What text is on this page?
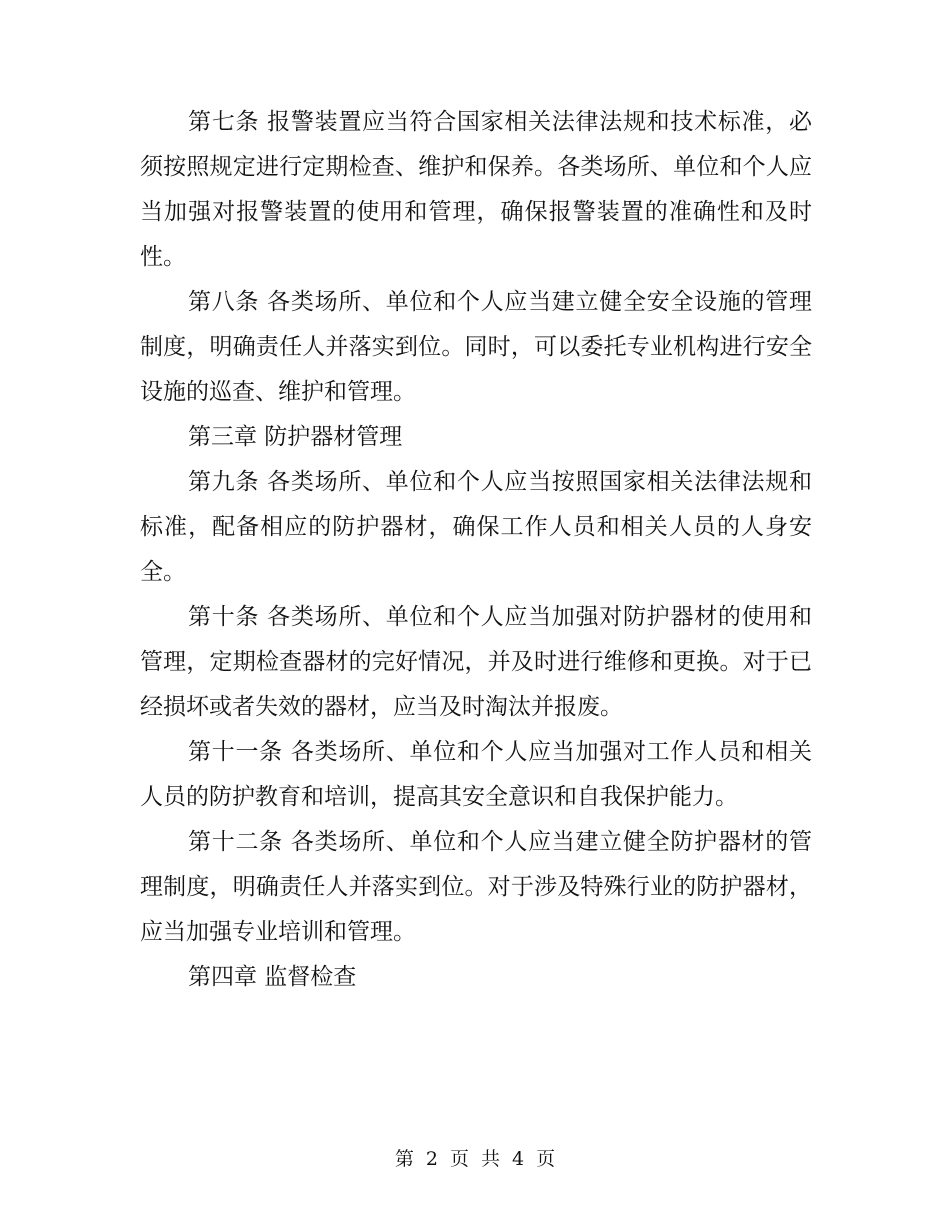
第七条 报警装置应当符合国家相关法律法规和技术标准，必须按照规定进行定期检查、维护和保养。各类场所、单位和个人应当加强对报警装置的使用和管理，确保报警装置的准确性和及时性。

第八条 各类场所、单位和个人应当建立健全安全设施的管理制度，明确责任人并落实到位。同时，可以委托专业机构进行安全设施的巡查、维护和管理。

第三章 防护器材管理

第九条 各类场所、单位和个人应当按照国家相关法律法规和标准，配备相应的防护器材，确保工作人员和相关人员的人身安全。

第十条 各类场所、单位和个人应当加强对防护器材的使用和管理，定期检查器材的完好情况，并及时进行维修和更换。对于已经损坏或者失效的器材，应当及时淘汰并报废。

第十一条 各类场所、单位和个人应当加强对工作人员和相关人员的防护教育和培训，提高其安全意识和自我保护能力。

第十二条 各类场所、单位和个人应当建立健全防护器材的管理制度，明确责任人并落实到位。对于涉及特殊行业的防护器材，应当加强专业培训和管理。

第四章 监督检查

第 2 页 共 4 页
